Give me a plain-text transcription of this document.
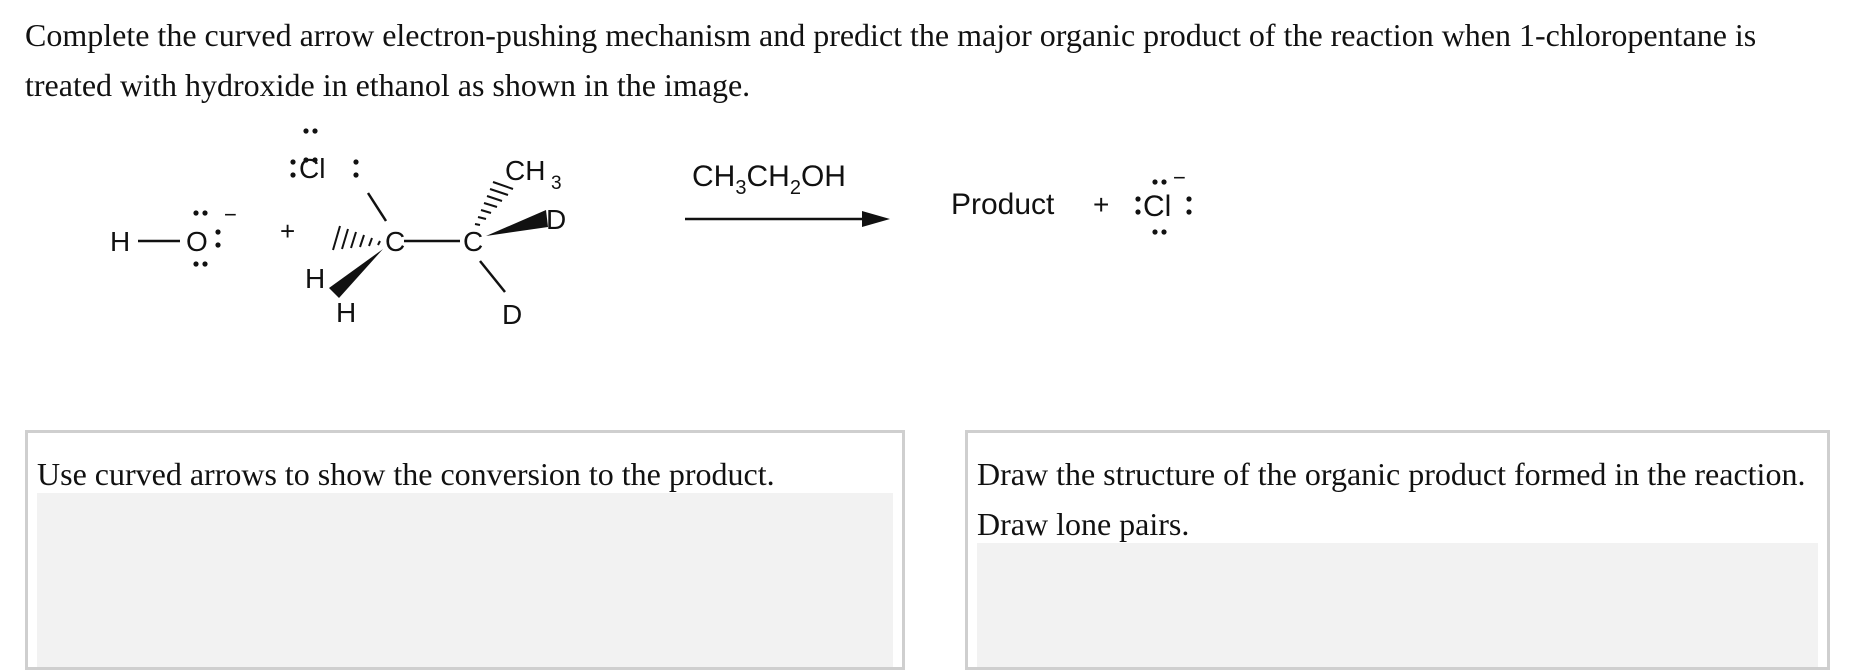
Complete the curved arrow electron-pushing mechanism and predict the major organic product of the reaction when 1-chloropentane is treated with hydroxide in ethanol as shown in the image.
H O
−
+
Cl
C C
H
H
CH 3
D
D
$CH_3CH_2OH$
Product + Cl
−
Use curved arrows to show the conversion to the product.	Draw the structure of the organic product formed in the reaction. Draw lone pairs.
